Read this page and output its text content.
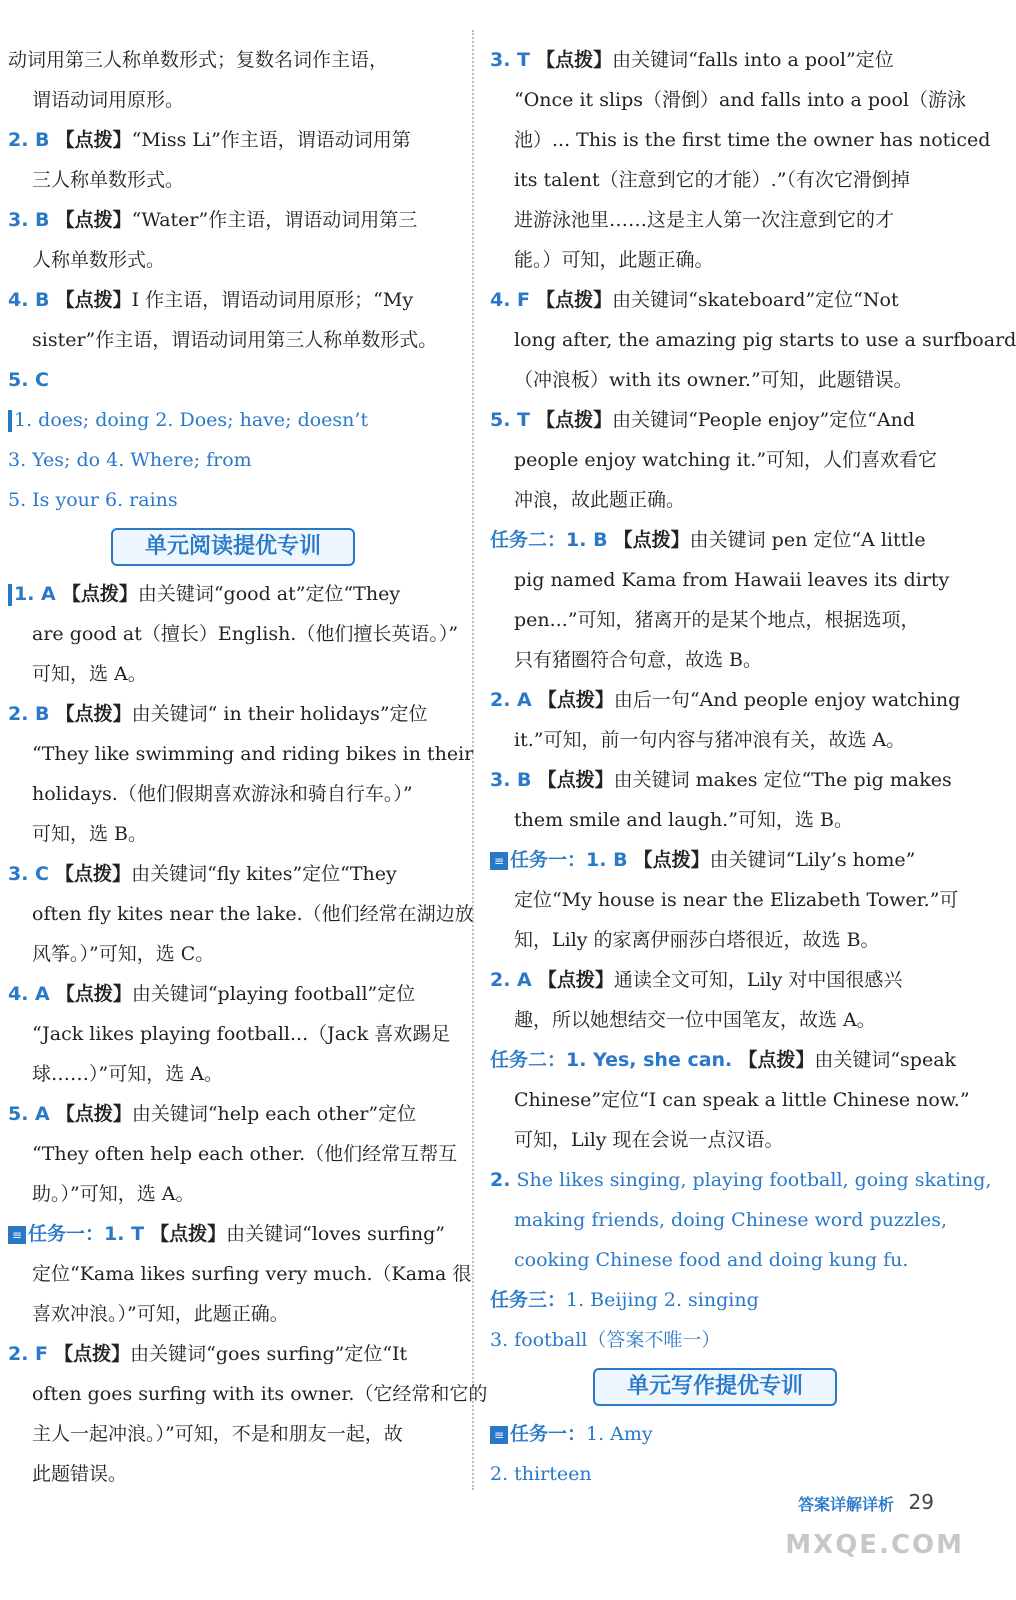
动词用第三人称单数形式；复数名词作主语，
谓语动词用原形。
2. B 【点拨】“Miss Li”作主语，谓语动词用第
三人称单数形式。
3. B 【点拨】“Water”作主语，谓语动词用第三
人称单数形式。
4. B 【点拨】I 作主语，谓语动词用原形；“My
sister”作主语，谓语动词用第三人称单数形式。
5. C
1. does; doing 2. Does; have; doesn’t
3. Yes; do 4. Where; from
5. Is your 6. rains
单元阅读提优专训
1. A 【点拨】由关键词“good at”定位“They
are good at（擅长）English.（他们擅长英语。）”
可知，选 A。
2. B 【点拨】由关键词“ in their holidays”定位
“They like swimming and riding bikes in their
holidays.（他们假期喜欢游泳和骑自行车。）”
可知，选 B。
3. C 【点拨】由关键词“fly kites”定位“They
often fly kites near the lake.（他们经常在湖边放
风筝。）”可知，选 C。
4. A 【点拨】由关键词“playing football”定位
“Jack likes playing football...（Jack 喜欢踢足
球……）”可知，选 A。
5. A 【点拨】由关键词“help each other”定位
“They often help each other.（他们经常互帮互
助。）”可知，选 A。
≡ 任务一：1. T 【点拨】由关键词“loves surfing”
定位“Kama likes surfing very much.（Kama 很
喜欢冲浪。）”可知，此题正确。
2. F 【点拨】由关键词“goes surfing”定位“It
often goes surfing with its owner.（它经常和它的
主人一起冲浪。）”可知，不是和朋友一起，故
此题错误。
3. T 【点拨】由关键词“falls into a pool”定位
“Once it slips（滑倒）and falls into a pool（游泳
池）... This is the first time the owner has noticed
its talent（注意到它的才能）.”（有次它滑倒掉
进游泳池里……这是主人第一次注意到它的才
能。）可知，此题正确。
4. F 【点拨】由关键词“skateboard”定位“Not
long after, the amazing pig starts to use a surfboard
（冲浪板）with its owner.”可知，此题错误。
5. T 【点拨】由关键词“People enjoy”定位“And
people enjoy watching it.”可知，人们喜欢看它
冲浪，故此题正确。
任务二：1. B 【点拨】由关键词 pen 定位“A little
pig named Kama from Hawaii leaves its dirty
pen...”可知，猪离开的是某个地点，根据选项，
只有猪圈符合句意，故选 B。
2. A 【点拨】由后一句“And people enjoy watching
it.”可知，前一句内容与猪冲浪有关，故选 A。
3. B 【点拨】由关键词 makes 定位“The pig makes
them smile and laugh.”可知，选 B。
≡ 任务一：1. B 【点拨】由关键词“Lily’s home”
定位“My house is near the Elizabeth Tower.”可
知，Lily 的家离伊丽莎白塔很近，故选 B。
2. A 【点拨】通读全文可知，Lily 对中国很感兴
趣，所以她想结交一位中国笔友，故选 A。
任务二：1. Yes, she can. 【点拨】由关键词“speak
Chinese”定位“I can speak a little Chinese now.”
可知，Lily 现在会说一点汉语。
2. She likes singing, playing football, going skating,
making friends, doing Chinese word puzzles,
cooking Chinese food and doing kung fu.
任务三：1. Beijing 2. singing
3. football（答案不唯一）
单元写作提优专训
≡ 任务一：1. Amy
2. thirteen
答案详解详析 29
MXQE.COM
